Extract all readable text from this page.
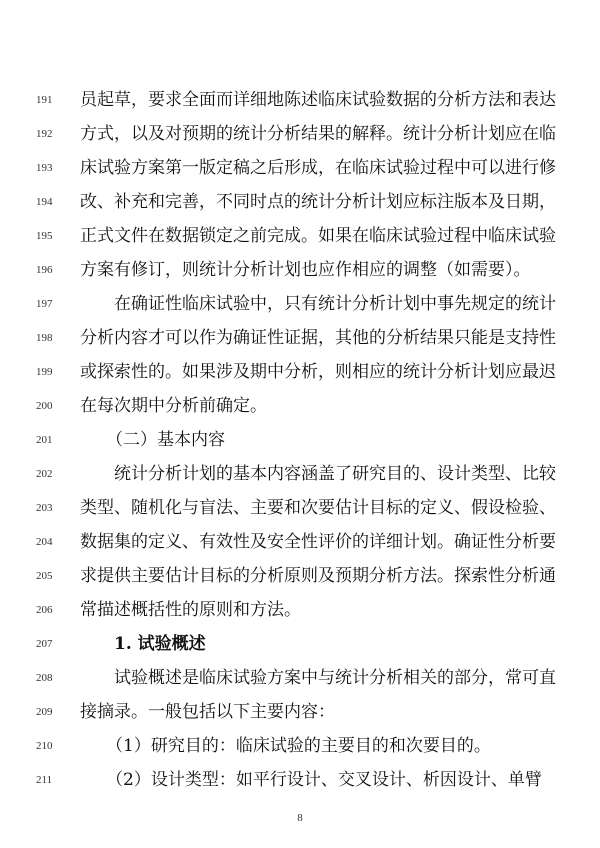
191 员起草，要求全面而详细地陈述临床试验数据的分析方法和表达
192 方式，以及对预期的统计分析结果的解释。统计分析计划应在临
193 床试验方案第一版定稿之后形成，在临床试验过程中可以进行修
194 改、补充和完善，不同时点的统计分析计划应标注版本及日期，
195 正式文件在数据锁定之前完成。如果在临床试验过程中临床试验
196 方案有修订，则统计分析计划也应作相应的调整（如需要）。
197	在确证性临床试验中，只有统计分析计划中事先规定的统计
198 分析内容才可以作为确证性证据，其他的分析结果只能是支持性
199 或探索性的。如果涉及期中分析，则相应的统计分析计划应最迟
200 在每次期中分析前确定。
201	（二）基本内容
202	统计分析计划的基本内容涵盖了研究目的、设计类型、比较
203 类型、随机化与盲法、主要和次要估计目标的定义、假设检验、
204 数据集的定义、有效性及安全性评价的详细计划。确证性分析要
205 求提供主要估计目标的分析原则及预期分析方法。探索性分析通
206 常描述概括性的原则和方法。
207	1. 试验概述
208	试验概述是临床试验方案中与统计分析相关的部分，常可直
209 接摘录。一般包括以下主要内容：
210	（1）研究目的：临床试验的主要目的和次要目的。
211	（2）设计类型：如平行设计、交叉设计、析因设计、单臂
8
